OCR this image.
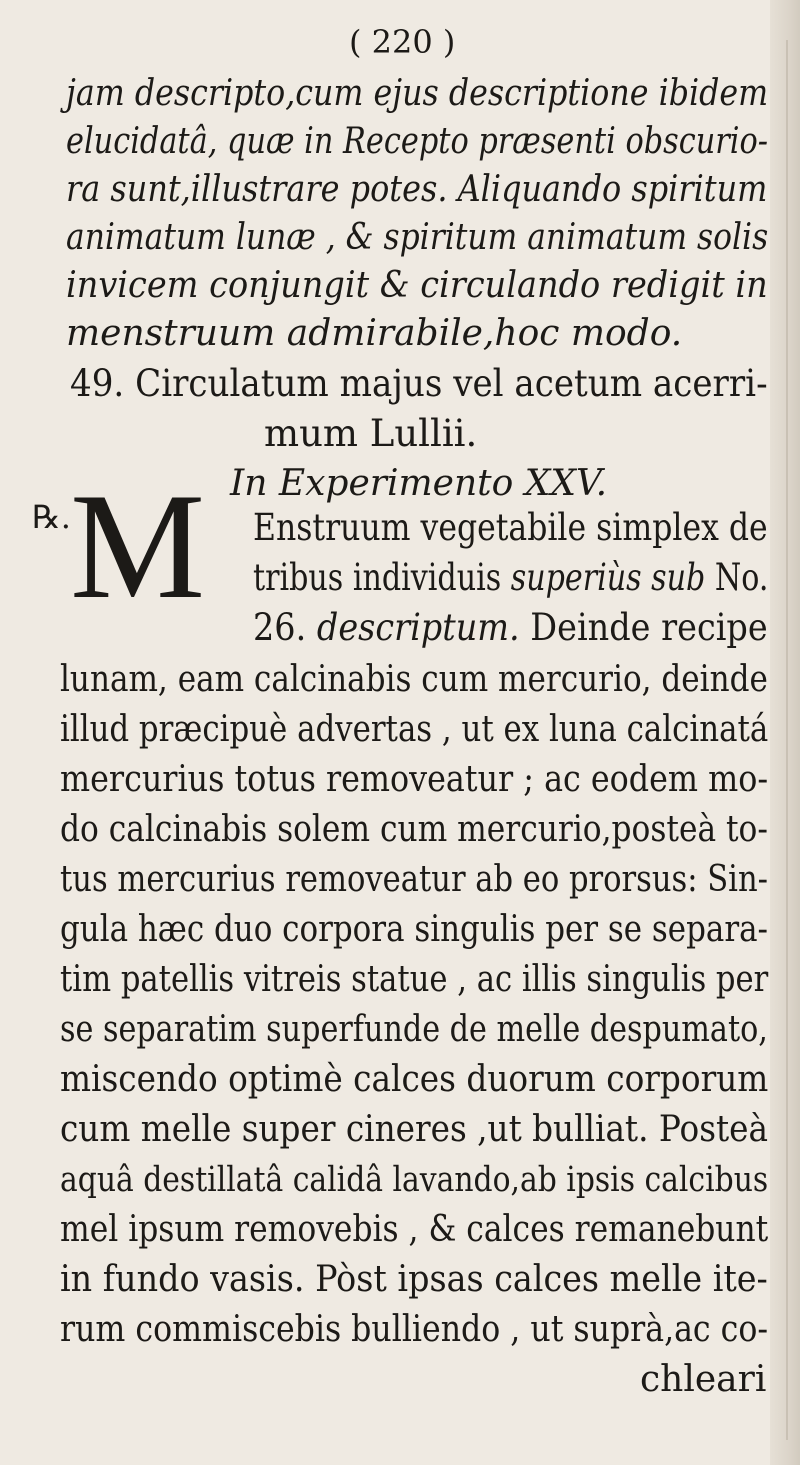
( 220 )
jam descripto,cum ejus descriptione ibidem
elucidatâ, quæ in Recepto præsenti obscurio-
ra sunt,illustrare potes. Aliquando spiritum
animatum lunæ , & spiritum animatum solis
invicem conjungit & circulando redigit in
menstruum admirabile,hoc modo.
49. Circulatum majus vel acetum acerri-
mum Lullii.
In Experimento XXV.
℞. M Enstruum vegetabile simplex de
tribus individuis superiùs sub No.
26. descriptum. Deinde recipe
lunam, eam calcinabis cum mercurio, deinde
illud præcipuè advertas , ut ex luna calcinatá
mercurius totus removeatur ; ac eodem mo-
do calcinabis solem cum mercurio,posteà to-
tus mercurius removeatur ab eo prorsus: Sin-
gula hæc duo corpora singulis per se separa-
tim patellis vitreis statue , ac illis singulis per
se separatim superfunde de melle despumato,
miscendo optimè calces duorum corporum
cum melle super cineres ,ut bulliat. Posteà
aquâ destillatâ calidâ lavando,ab ipsis calcibus
mel ipsum removebis , & calces remanebunt
in fundo vasis. Pòst ipsas calces melle ite-
rum commiscebis bulliendo , ut suprà,ac co-
chleari
